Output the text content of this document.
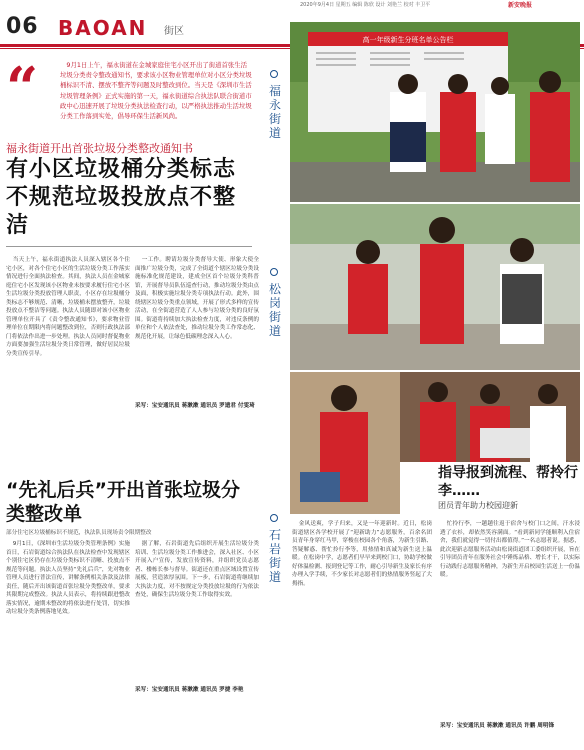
2020年9月4日 星期五 编辑 陈欣 设计 刘艳兰 校对 丰卫平	新安晚报
06 BAOAN 街区
“	9月1日上午，福永街道在金城家庭住宅小区开出了街道首张生活垃圾分类责令整改通知书，要求该小区物业管理单位对小区分类垃圾桶标识不清、摆放不整齐等问题及时整改到位。当天是《深圳市生活垃圾管理条例》正式实施的第一天，福永街道综合执法队联合街道市政中心迅速开展了垃圾分类执法检查行动，以严格执法推动生活垃圾分类工作落到实处，倡导环保生活新风尚。
福永街道开出首张垃圾分类整改通知书
有小区垃圾桶分类标志不规范垃圾投放点不整洁
当天上午，福永街道执法人员深入辖区各个住宅小区，对各个住宅小区的生活垃圾分类工作落实情况进行全面执法检查。其间，执法人员在金城家庭住宅小区发现该小区物业未按要求履行住宅小区生活垃圾分类投放管理人职责，小区存在垃圾桶分类标志不够规范、清晰，垃圾桶未摆放整齐，垃圾投放点不整洁等问题。执法人员随即对该小区物业管理单位开具了《责令整改通知书》，要求物业管理单位在期限内将问题整改到位，否则行政执法部门将依法作出进一步处理。执法人员同时督促物业方面要加强生活垃圾分类日常管理，做好居民垃圾分类宣传引导。
一工作。聘请垃圾分类督导大使、形象大使全面推广垃圾分类，完成了全街道个辖区垃圾分类设施标准化规范建设，建成全区首个垃圾分类科普馆，开展督导员队伍巡查行动，推动垃圾分类由点及面，积极实施垃圾分类专项执法行动。此外，围绕辖区垃圾分类重点领域，开展了形式多样的宣传活动，在全街道营造了人人参与垃圾分类的良好氛围。街道将持续加大执法检查力度，对违反条例的单位和个人依法查处，推动垃圾分类工作常态化、规范化开展，让绿色低碳理念深入人心。
采写：宝安通讯员 蒋漱漱 通讯员 罗遗君 付雯琦
“先礼后兵”开出首张垃圾分类整改单
部分住宅区垃圾桶标识不规范，执法队员现场责令限期整改
9月1日，《深圳市生活垃圾分类管理条例》实施首日，石岩街道综合执法队在执法检查中发现辖区个别住宅区仍存在垃圾分类标识不清晰、投放点不规范等问题。执法人员坚持“先礼后兵”，先对物业管理人员进行普法宣传，讲解条例相关条款及法律责任，随后开出该街道首张垃圾分类整改单，要求其限期完成整改。执法人员表示，将持续跟进整改落实情况，逾期未整改的将依法进行处罚，切实推动垃圾分类条例落地见效。
据了解，石岩街道先后组织开展生活垃圾分类培训、生活垃圾分类工作推进会，深入社区、小区开展入户宣传，发放宣传资料，并组织党员志愿者、楼栋长参与督导。街道还在重点区域设置宣传展板，营造浓厚氛围。下一步，石岩街道将继续加大执法力度，对不按规定分类投放垃圾的行为依法查处，确保生活垃圾分类工作取得实效。
采写：宝安通讯员 蒋漱漱 通讯员 罗捷 李艳
福永街道
松岗街道
石岩街道
高一年级新生分班名单公告栏
指导报到流程、帮拎行李……
团员青年助力校园迎新
金风送爽，学子归来，又是一年迎新时。近日，松岗街道辖区各学校开展了“迎新助力”志愿服务，百余名团员青年身穿红马甲，穿梭在校园各个角落，为新生引路、答疑解惑、帮忙拎行李等，用热情和真诚为新生送上温暖。在松岗中学，志愿者们早早来到校门口，协助学校做好体温检测、报到登记等工作，耐心引导新生及家长有序办理入学手续，不少家长对志愿者们的热情服务竖起了大拇指。
忙拎行李，一趟趟往返于宿舍与校门口之间，汗水浸透了衣衫，却依然笑容满面。“看到新同学能顺利入住宿舍，我们就觉得一切付出都值得。”一名志愿者说。据悉，此次迎新志愿服务活动由松岗街道团工委组织开展，旨在引导团员青年在服务社会中锤炼品格、增长才干，以实际行动践行志愿服务精神，为新生开启校园生活送上一份温暖。
采写：宝安通讯员 蒋漱漱 通讯员 许鹏 周明锋
